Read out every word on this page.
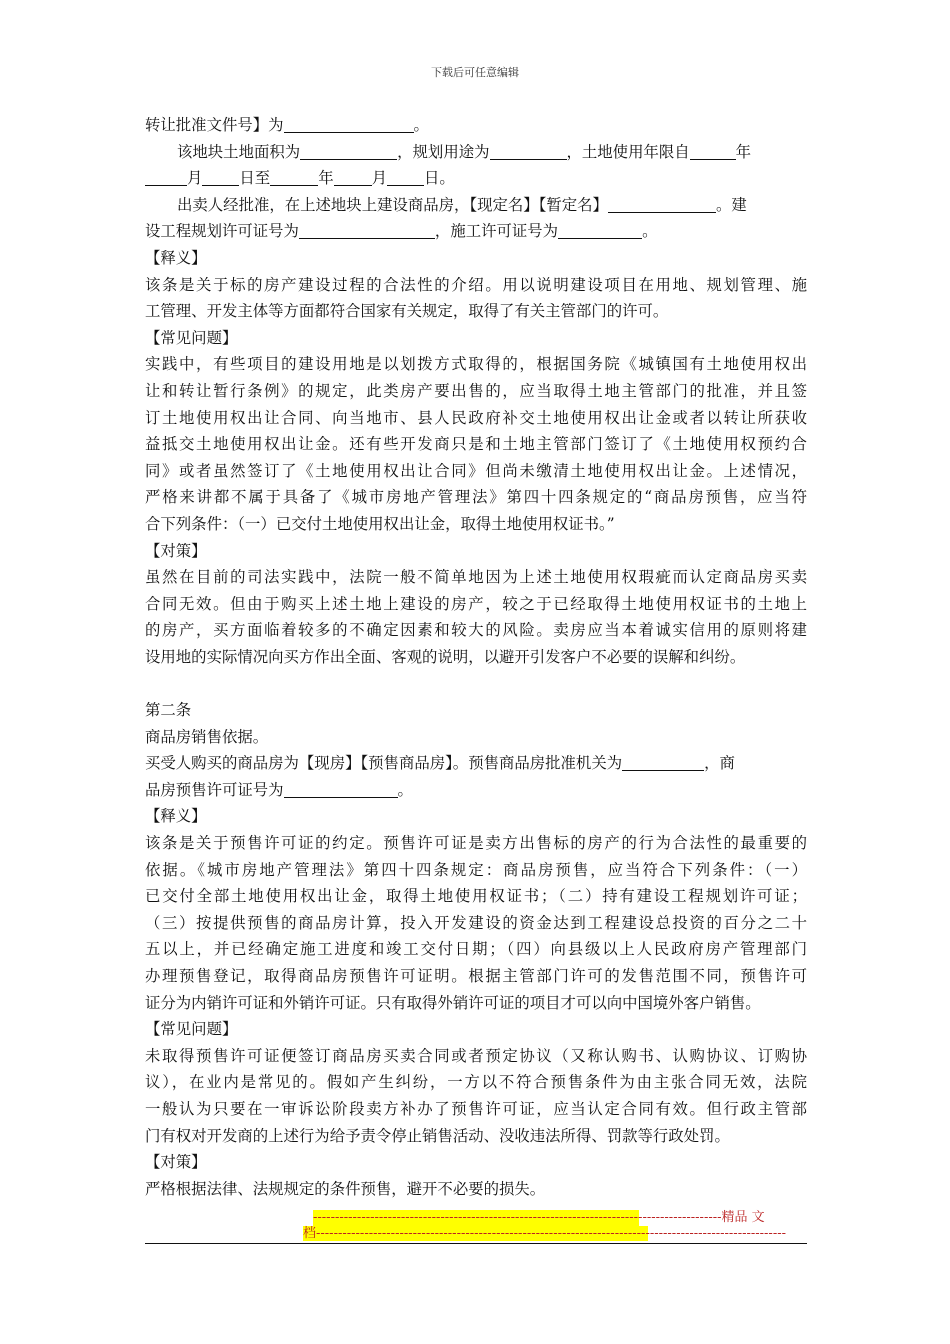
下载后可任意编辑
转让批准文件号】为	。
该地块土地面积为	，规划用途为	，土地使用年限自	年
月 日至	年 月 日。
出卖人经批准，在上述地块上建设商品房，【现定名】【暂定名】	。建
设工程规划许可证号为	，施工许可证号为	。
【释义】
该条是关于标的房产建设过程的合法性的介绍。用以说明建设项目在用地、规划管理、施
工管理、开发主体等方面都符合国家有关规定，取得了有关主管部门的许可。
【常见问题】
实践中，有些项目的建设用地是以划拨方式取得的，根据国务院《城镇国有土地使用权出
让和转让暂行条例》的规定，此类房产要出售的，应当取得土地主管部门的批准，并且签
订土地使用权出让合同、向当地市、县人民政府补交土地使用权出让金或者以转让所获收
益抵交土地使用权出让金。还有些开发商只是和土地主管部门签订了《土地使用权预约合
同》或者虽然签订了《土地使用权出让合同》但尚未缴清土地使用权出让金。上述情况，
严格来讲都不属于具备了《城市房地产管理法》第四十四条规定的“商品房预售，应当符
合下列条件：（一）已交付土地使用权出让金，取得土地使用权证书。”
【对策】
虽然在目前的司法实践中，法院一般不简单地因为上述土地使用权瑕疵而认定商品房买卖
合同无效。但由于购买上述土地上建设的房产，较之于已经取得土地使用权证书的土地上
的房产，买方面临着较多的不确定因素和较大的风险。卖房应当本着诚实信用的原则将建
设用地的实际情况向买方作出全面、客观的说明，以避开引发客户不必要的误解和纠纷。
第二条
商品房销售依据。
买受人购买的商品房为【现房】【预售商品房】。预售商品房批准机关为	，商
品房预售许可证号为	。
【释义】
该条是关于预售许可证的约定。预售许可证是卖方出售标的房产的行为合法性的最重要的
依据。《城市房地产管理法》第四十四条规定：商品房预售，应当符合下列条件：（一）
已交付全部土地使用权出让金，取得土地使用权证书；（二）持有建设工程规划许可证；
（三）按提供预售的商品房计算，投入开发建设的资金达到工程建设总投资的百分之二十
五以上，并已经确定施工进度和竣工交付日期；（四）向县级以上人民政府房产管理部门
办理预售登记，取得商品房预售许可证明。根据主管部门许可的发售范围不同，预售许可
证分为内销许可证和外销许可证。只有取得外销许可证的项目才可以向中国境外客户销售。
【常见问题】
未取得预售许可证便签订商品房买卖合同或者预定协议（又称认购书、认购协议、订购协
议），在业内是常见的。假如产生纠纷，一方以不符合预售条件为由主张合同无效，法院
一般认为只要在一审诉讼阶段卖方补办了预售许可证，应当认定合同有效。但行政主管部
门有权对开发商的上述行为给予责令停止销售活动、没收违法所得、罚款等行政处罚。
【对策】
严格根据法律、法规规定的条件预售，避开不必要的损失。
---------------------------------------------------------------------------------------------精品 文
档-----------------------------------------------------------------------------------------------------------
